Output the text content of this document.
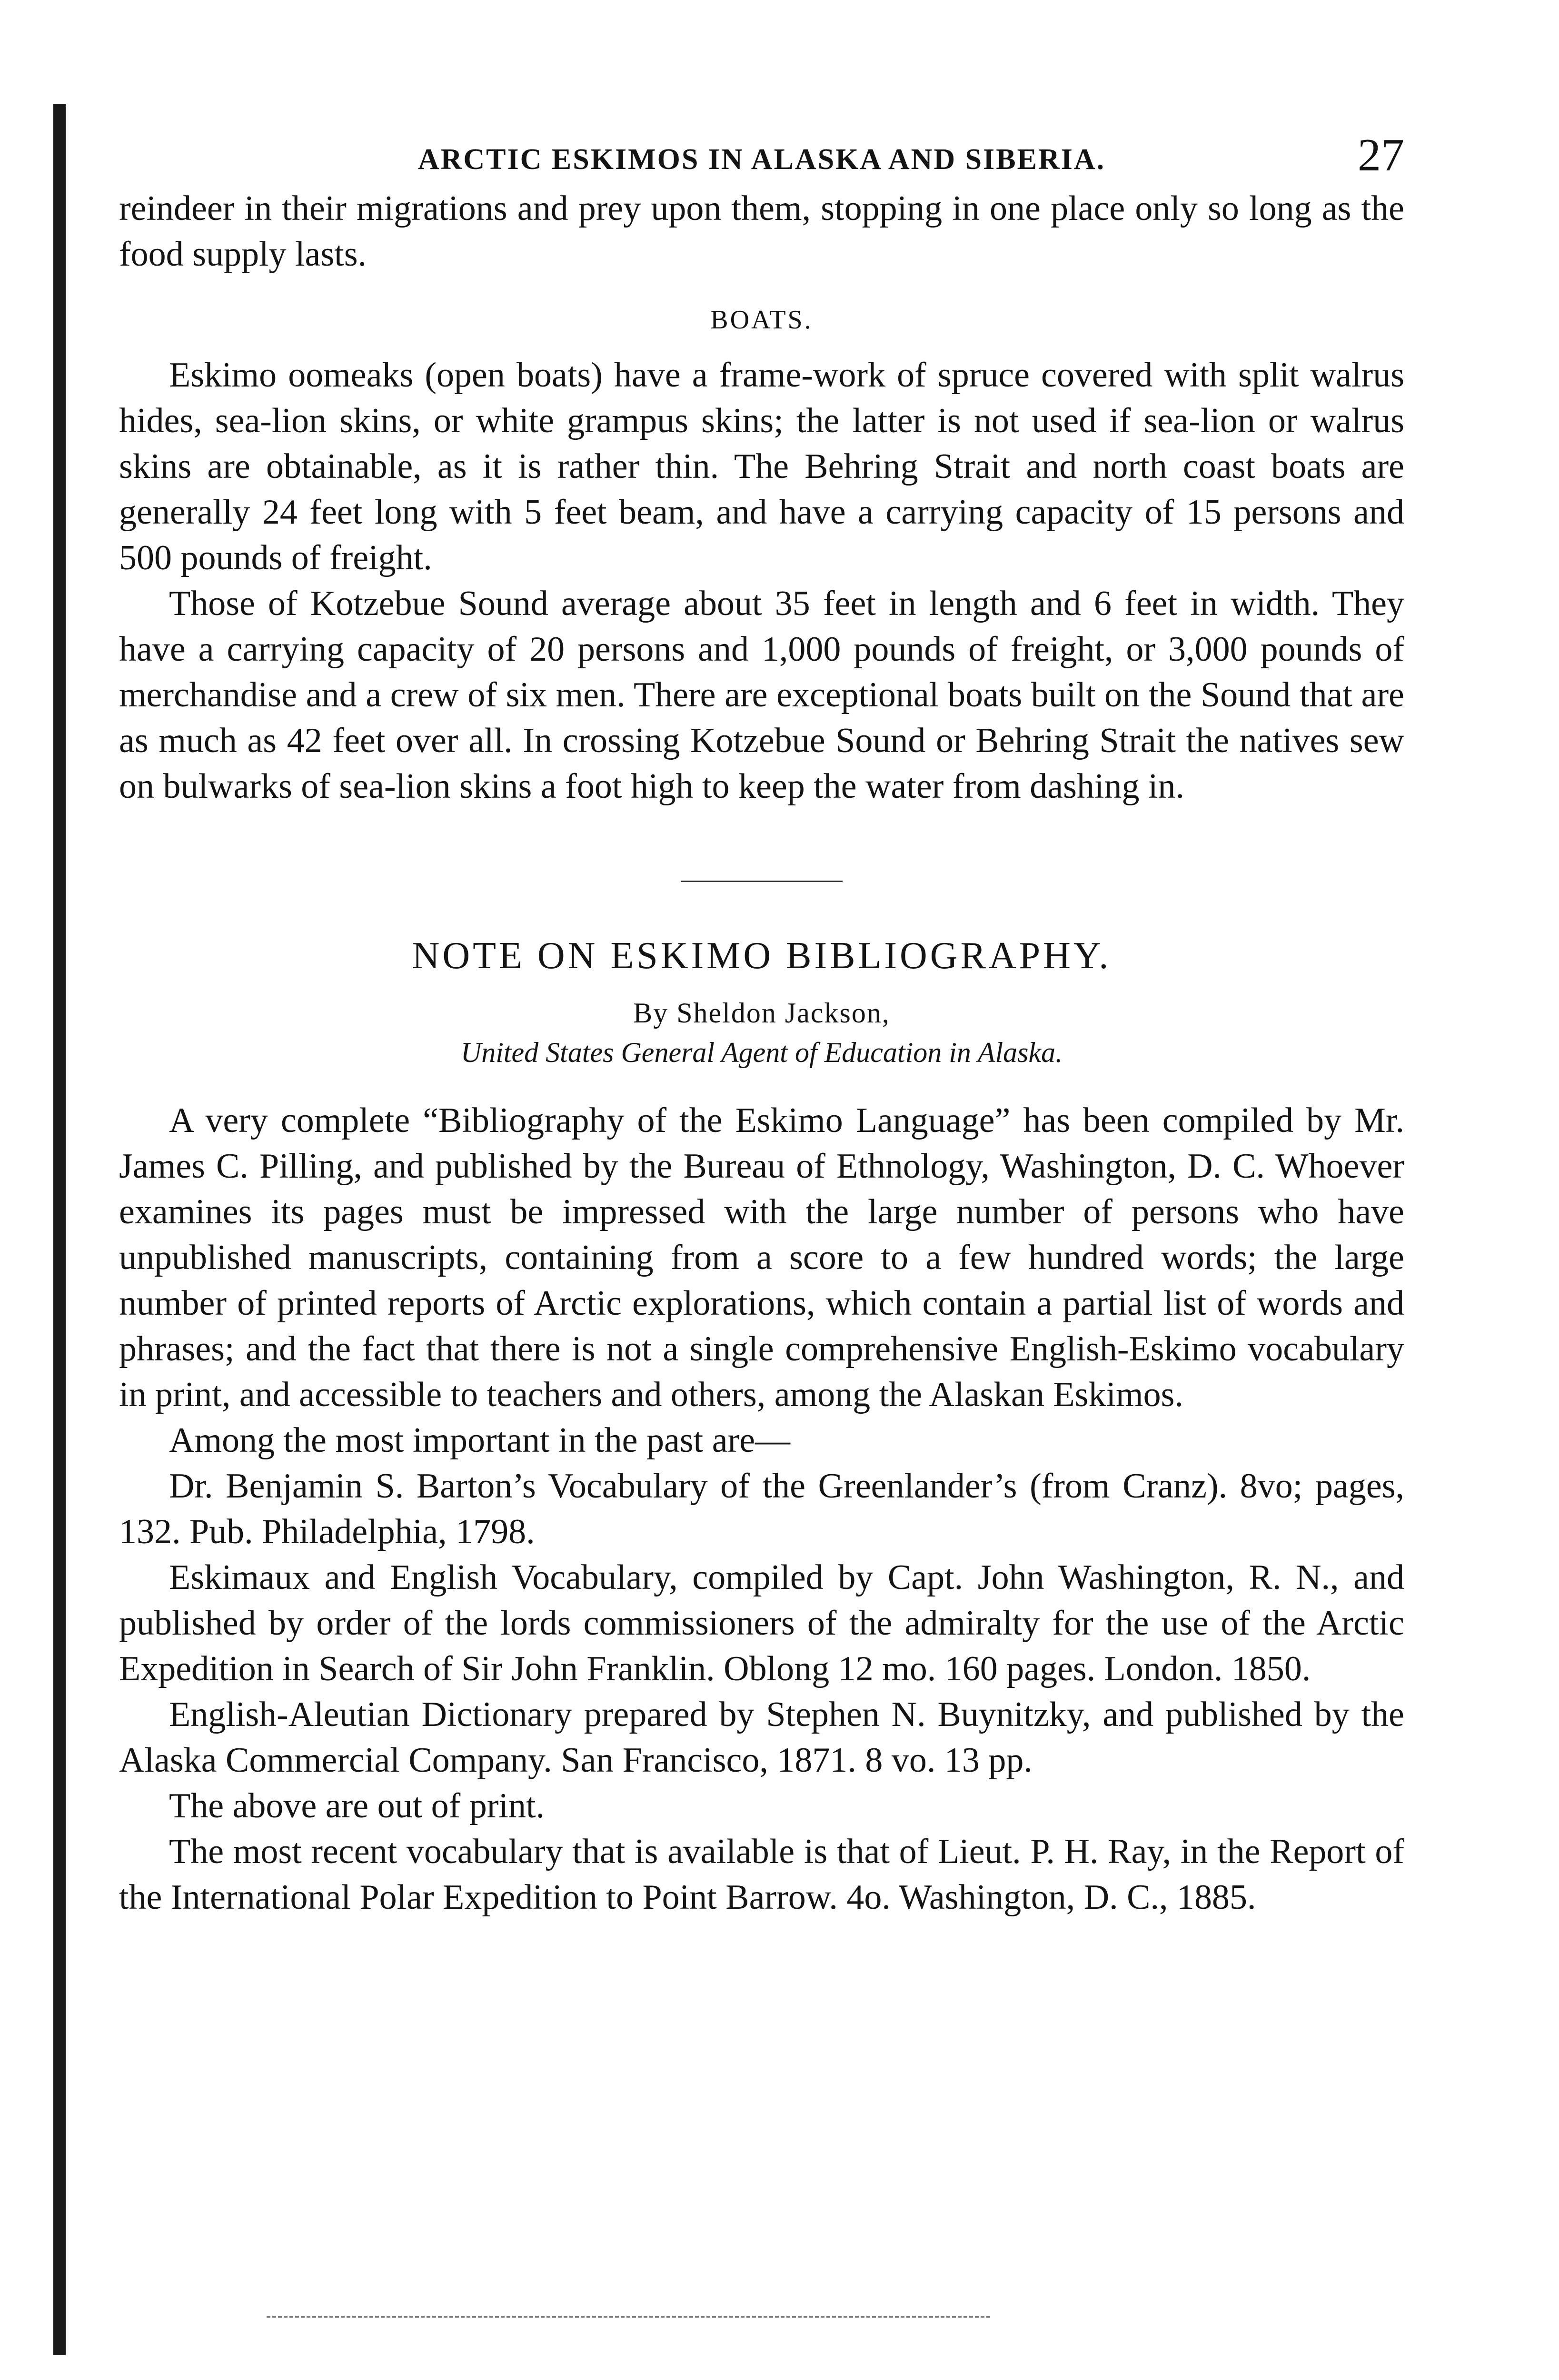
ARCTIC ESKIMOS IN ALASKA AND SIBERIA.	27

reindeer in their migrations and prey upon them, stopping in one place only so long as the food supply lasts.

BOATS.

Eskimo oomeaks (open boats) have a frame-work of spruce covered with split walrus hides, sea-lion skins, or white grampus skins; the latter is not used if sea-lion or walrus skins are obtainable, as it is rather thin. The Behring Strait and north coast boats are generally 24 feet long with 5 feet beam, and have a carrying capacity of 15 persons and 500 pounds of freight.

Those of Kotzebue Sound average about 35 feet in length and 6 feet in width. They have a carrying capacity of 20 persons and 1,000 pounds of freight, or 3,000 pounds of merchandise and a crew of six men. There are exceptional boats built on the Sound that are as much as 42 feet over all. In crossing Kotzebue Sound or Behring Strait the natives sew on bulwarks of sea-lion skins a foot high to keep the water from dashing in.

NOTE ON ESKIMO BIBLIOGRAPHY.
By Sheldon Jackson,
United States General Agent of Education in Alaska.

A very complete “Bibliography of the Eskimo Language” has been compiled by Mr. James C. Pilling, and published by the Bureau of Ethnology, Washington, D. C. Whoever examines its pages must be impressed with the large number of persons who have unpublished manuscripts, containing from a score to a few hundred words; the large number of printed reports of Arctic explorations, which contain a partial list of words and phrases; and the fact that there is not a single comprehensive English-Eskimo vocabulary in print, and accessible to teachers and others, among the Alaskan Eskimos.

Among the most important in the past are—

Dr. Benjamin S. Barton’s Vocabulary of the Greenlander’s (from Cranz). 8vo; pages, 132. Pub. Philadelphia, 1798.

Eskimaux and English Vocabulary, compiled by Capt. John Washington, R. N., and published by order of the lords commissioners of the admiralty for the use of the Arctic Expedition in Search of Sir John Franklin. Oblong 12 mo. 160 pages. London. 1850.

English-Aleutian Dictionary prepared by Stephen N. Buynitzky, and published by the Alaska Commercial Company. San Francisco, 1871. 8 vo. 13 pp.

The above are out of print.

The most recent vocabulary that is available is that of Lieut. P. H. Ray, in the Report of the International Polar Expedition to Point Barrow. 4o. Washington, D. C., 1885.
